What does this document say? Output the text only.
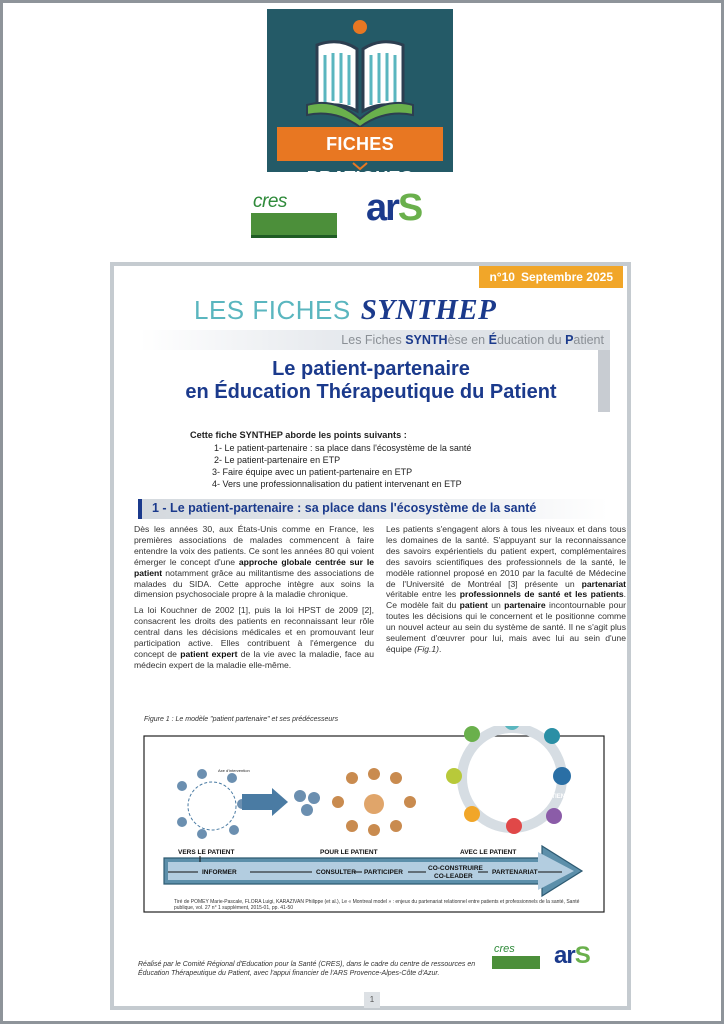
FICHES PRATIQUES
cres arS
n°10 Septembre 2025
LES FICHES SYNTHEP
Les Fiches SYNTHèse en Éducation du Patient
Le patient-partenaire
en Éducation Thérapeutique du Patient
Cette fiche SYNTHEP aborde les points suivants :
1- Le patient-partenaire : sa place dans l'écosystème de la santé
2- Le patient-partenaire en ETP
3- Faire équipe avec un patient-partenaire en ETP
4- Vers une professionnalisation du patient intervenant en ETP
1 - Le patient-partenaire : sa place dans l'écosystème de la santé

Dès les années 30, aux États-Unis comme en France, les premières associations de malades commencent à faire entendre la voix des patients. Ce sont les années 80 qui voient émerger le concept d'une approche globale centrée sur le patient notamment grâce au militantisme des associations de malades du SIDA. Cette approche intègre aux soins la dimension psychosociale propre à la maladie chronique.

La loi Kouchner de 2002 [1], puis la loi HPST de 2009 [2], consacrent les droits des patients en reconnaissant leur rôle central dans les décisions médicales et en promouvant leur participation active. Elles contribuent à l'émergence du concept de patient expert de la vie avec la maladie, face au médecin expert de la maladie elle-même.

Les patients s'engagent alors à tous les niveaux et dans tous les domaines de la santé. S'appuyant sur la reconnaissance des savoirs expérientiels du patient expert, complémentaires des savoirs scientifiques des professionnels de la santé, le modèle rationnel proposé en 2010 par la faculté de Médecine de l'Université de Montréal [3] présente un partenariat véritable entre les professionnels de santé et les patients. Ce modèle fait du patient un partenaire incontournable pour toutes les décisions qui le concernent et le positionne comme un nouvel acteur au sein du système de santé. Il ne s'agit plus seulement d'œuvrer pour lui, mais avec lui au sein d'une équipe (Fig.1).

Figure 1 : Le modèle "patient partenaire" et ses prédécesseurs
Axe d'intervention
PATIENT
VERS LE PATIENT	POUR LE PATIENT	AVEC LE PATIENT
INFORMER	CONSULTER PARTICIPER
CO-CONSTRUIRE
CO-LEADER
PARTENARIAT
Tiré de POMEY Marie-Pascale, FLORA Luigi, KARAZIVAN Philippe (et al.), Le « Montreal model » : enjeux du partenariat relationnel entre patients et professionnels de la santé, Santé publique, vol. 27 n° 1 supplément, 2015-01, pp. 41-50
Réalisé par le Comité Régional d'Education pour la Santé (CRES), dans le cadre du centre de ressources en Éducation Thérapeutique du Patient, avec l'appui financier de l'ARS Provence-Alpes-Côte d'Azur.
cres arS
1
